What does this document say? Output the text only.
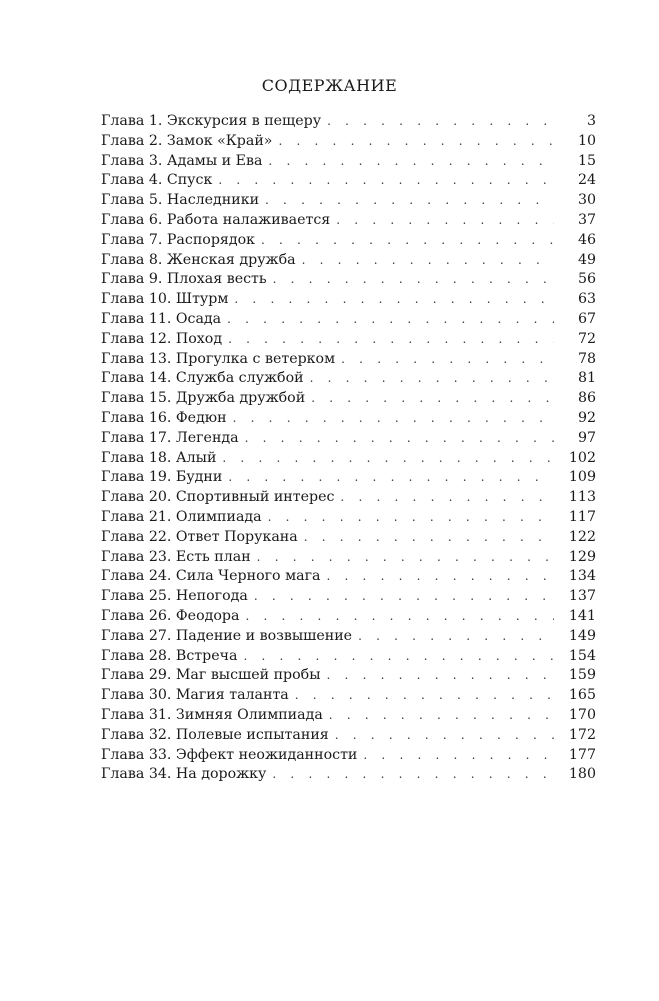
СОДЕРЖАНИЕ
Глава 1. Экскурсия в пещеру . . .	3
Глава 2. Замок «Край» . . .	10
Глава 3. Адамы и Ева . . .	15
Глава 4. Спуск . . .	24
Глава 5. Наследники . . .	30
Глава 6. Работа налаживается . . .	37
Глава 7. Распорядок . . .	46
Глава 8. Женская дружба . . .	49
Глава 9. Плохая весть . . .	56
Глава 10. Штурм . . .	63
Глава 11. Осада . . .	67
Глава 12. Поход . . .	72
Глава 13. Прогулка с ветерком . . .	78
Глава 14. Служба службой . . .	81
Глава 15. Дружба дружбой . . .	86
Глава 16. Федюн . . .	92
Глава 17. Легенда . . .	97
Глава 18. Алый . . .	102
Глава 19. Будни . . .	109
Глава 20. Спортивный интерес . . .	113
Глава 21. Олимпиада . . .	117
Глава 22. Ответ Порукана . . .	122
Глава 23. Есть план . . .	129
Глава 24. Сила Черного мага . . .	134
Глава 25. Непогода . . .	137
Глава 26. Феодора . . .	141
Глава 27. Падение и возвышение . . .	149
Глава 28. Встреча . . .	154
Глава 29. Маг высшей пробы . . .	159
Глава 30. Магия таланта . . .	165
Глава 31. Зимняя Олимпиада . . .	170
Глава 32. Полевые испытания . . .	172
Глава 33. Эффект неожиданности . . .	177
Глава 34. На дорожку . . .	180
